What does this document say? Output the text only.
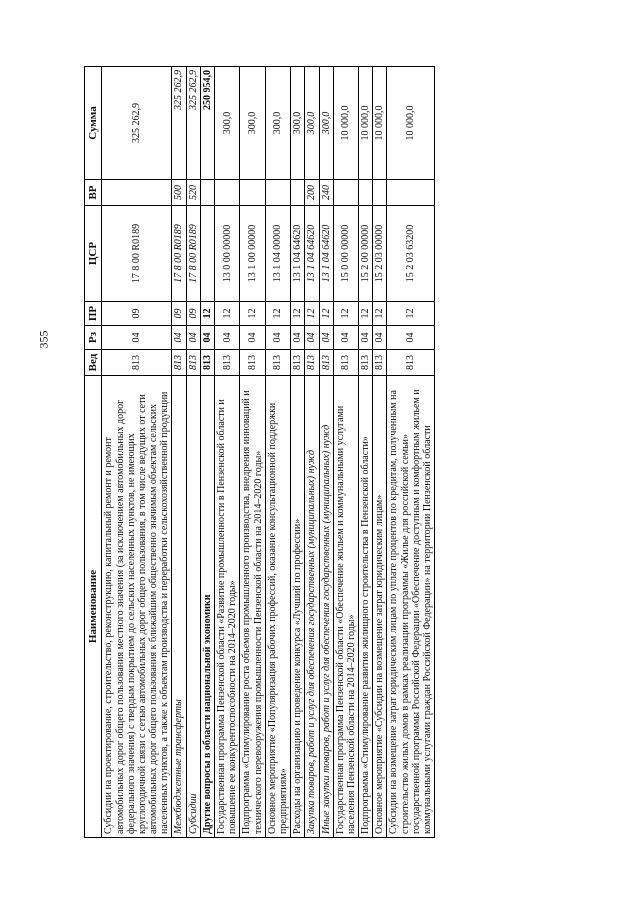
355
Наименование	Вед	Рз	ПР	ЦСР	ВР	Сумма
Субсидии на проектирование, строительство, реконструкцию, капитальный ремонт и ремонт автомобильных дорог общего пользования местного значения (за исключением автомобильных дорог федерального значения) с твердым покрытием до сельских населенных пунктов, не имеющих круглогодичной связи с сетью автомобильных дорог общего пользования, в том числе ведущих от сети автомобильных дорог общего пользования к ближайшим общественно значимым объектам сельских населенных пунктов, а также к объектам производства и переработки сельскохозяйственной продукции	813	04	09	17 8 00 R0189		325 262,9
Межбюджетные трансферты	813	04	09	17 8 00 R0189	500	325 262,9
Субсидии	813	04	09	17 8 00 R0189	520	325 262,9
Другие вопросы в области национальной экономики	813	04	12			250 954,0
Государственная программа Пензенской области «Развитие промышленности в Пензенской области и повышение ее конкурентоспособности на 2014–2020 годы»	813	04	12	13 0 00 00000		300,0
Подпрограмма «Стимулирование роста объемов промышленного производства, внедрения инноваций и технического перевооружения промышленности Пензенской области на 2014–2020 годы»	813	04	12	13 1 00 00000		300,0
Основное мероприятие «Популяризация рабочих профессий, оказание консультационной поддержки предприятиям»	813	04	12	13 1 04 00000		300,0
Расходы на организацию и проведение конкурса «Лучший по профессии»	813	04	12	13 1 04 64620		300,0
Закупка товаров, работ и услуг для обеспечения государственных (муниципальных) нужд	813	04	12	13 1 04 64620	200	300,0
Иные закупки товаров, работ и услуг для обеспечения государственных (муниципальных) нужд	813	04	12	13 1 04 64620	240	300,0
Государственная программа Пензенской области «Обеспечение жильем и коммунальными услугами населения Пензенской области на 2014–2020 годы»	813	04	12	15 0 00 00000		10 000,0
Подпрограмма «Стимулирование развития жилищного строительства в Пензенской области»	813	04	12	15 2 00 00000		10 000,0
Основное мероприятие «Субсидии на возмещение затрат юридическим лицам»	813	04	12	15 2 03 00000		10 000,0
Субсидии на возмещение затрат юридическим лицам по уплате процентов по кредитам, полученным на строительство жилых домов в рамках реализации программы «Жилье для российской семьи» государственной программы Российской Федерации «Обеспечение доступным и комфортным жильем и коммунальными услугами граждан Российской Федерации» на территории Пензенской области	813	04	12	15 2 03 63200		10 000,0
